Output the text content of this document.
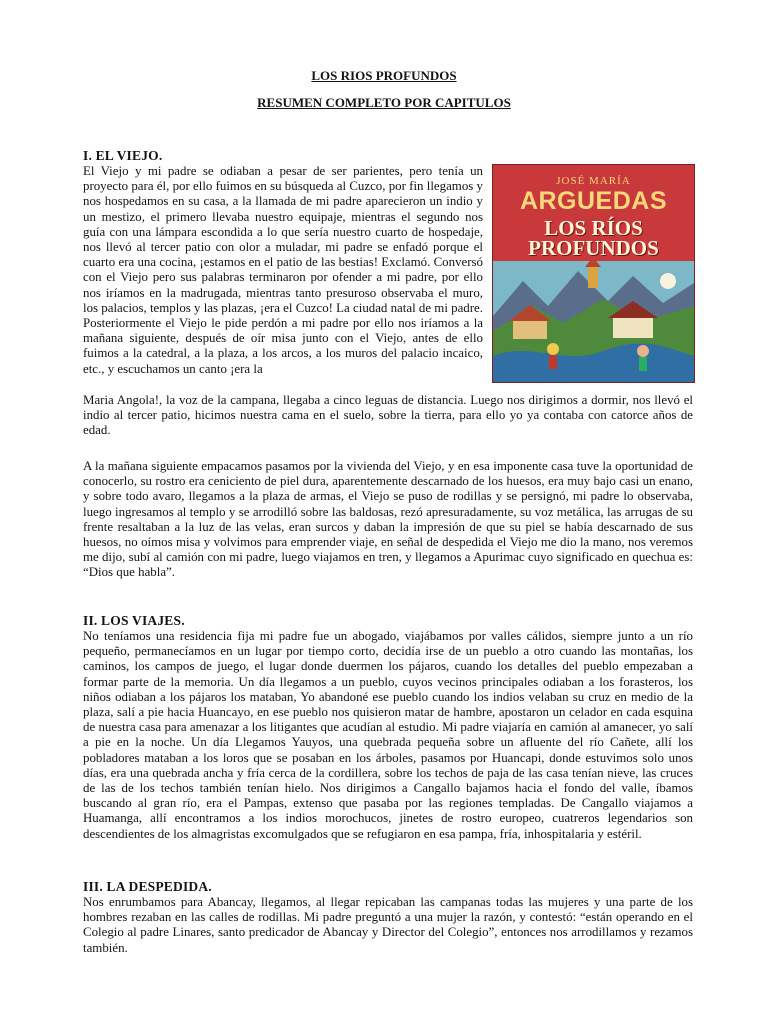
LOS RIOS PROFUNDOS
RESUMEN COMPLETO POR CAPITULOS
I. EL VIEJO.

El Viejo y mi padre se odiaban a pesar de ser parientes, pero tenía un proyecto para él, por ello fuimos en su búsqueda al Cuzco, por fin llegamos y nos hospedamos en su casa, a la llamada de mi padre aparecieron un indio y un mestizo, el primero llevaba nuestro equipaje, mientras el segundo nos guía con una lámpara escondida a lo que sería nuestro cuarto de hospedaje, nos llevó al tercer patio con olor a muladar, mi padre se enfadó porque el cuarto era una cocina, ¡estamos en el patio de las bestias! Exclamó. Conversó con el Viejo pero sus palabras terminaron por ofender a mi padre, por ello nos iríamos en la madrugada, mientras tanto presuroso observaba el muro, los palacios, templos y las plazas, ¡era el Cuzco! La ciudad natal de mi padre. Posteriormente el Viejo le pide perdón a mi padre por ello nos iríamos a la mañana siguiente, después de oír misa junto con el Viejo, antes de ello fuimos a la catedral, a la plaza, a los arcos, a los muros del palacio incaico, etc., y escuchamos un canto ¡era la

JOSÉ MARÍA
ARGUEDAS
LOS RÍOS
PROFUNDOS

Maria Angola!, la voz de la campana, llegaba a cinco leguas de distancia. Luego nos dirigimos a dormir, nos llevó el indio al tercer patio, hicimos nuestra cama en el suelo, sobre la tierra, para ello yo ya contaba con catorce años de edad.

A la mañana siguiente empacamos pasamos por la vivienda del Viejo, y en esa imponente casa tuve la oportunidad de conocerlo, su rostro era ceniciento de piel dura, aparentemente descarnado de los huesos, era muy bajo casi un enano, y sobre todo avaro, llegamos a la plaza de armas, el Viejo se puso de rodillas y se persignó, mi padre lo observaba, luego ingresamos al templo y se arrodilló sobre las baldosas, rezó apresuradamente, su voz metálica, las arrugas de su frente resaltaban a la luz de las velas, eran surcos y daban la impresión de que su piel se había descarnado de sus huesos, no oímos misa y volvimos para emprender viaje, en señal de despedida el Viejo me dio la mano, nos veremos me dijo, subí al camión con mi padre, luego viajamos en tren, y llegamos a Apurimac cuyo significado en quechua es: “Dios que habla”.

II. LOS VIAJES.

No teníamos una residencia fija mi padre fue un abogado, viajábamos por valles cálidos, siempre junto a un río pequeño, permanecíamos en un lugar por tiempo corto, decidía irse de un pueblo a otro cuando las montañas, los caminos, los campos de juego, el lugar donde duermen los pájaros, cuando los detalles del pueblo empezaban a formar parte de la memoria. Un día llegamos a un pueblo, cuyos vecinos principales odiaban a los forasteros, los niños odiaban a los pájaros los mataban, Yo abandoné ese pueblo cuando los indios velaban su cruz en medio de la plaza, salí a pie hacia Huancayo, en ese pueblo nos quisieron matar de hambre, apostaron un celador en cada esquina de nuestra casa para amenazar a los litigantes que acudían al estudio. Mi padre viajaría en camión al amanecer, yo salí a pie en la noche. Un día Llegamos Yauyos, una quebrada pequeña sobre un afluente del río Cañete, allí los pobladores mataban a los loros que se posaban en los árboles, pasamos por Huancapi, donde estuvimos solo unos días, era una quebrada ancha y fría cerca de la cordillera, sobre los techos de paja de las casa tenían nieve, las cruces de las de los techos también tenían hielo. Nos dirigimos a Cangallo bajamos hacia el fondo del valle, íbamos buscando al gran río, era el Pampas, extenso que pasaba por las regiones templadas. De Cangallo viajamos a Huamanga, allí encontramos a los indios morochucos, jinetes de rostro europeo, cuatreros legendarios son descendientes de los almagristas excomulgados que se refugiaron en esa pampa, fría, inhospitalaria y estéril.

III. LA DESPEDIDA.

Nos enrumbamos para Abancay, llegamos, al llegar repicaban las campanas todas las mujeres y una parte de los hombres rezaban en las calles de rodillas. Mi padre preguntó a una mujer la razón, y contestó: “están operando en el Colegio al padre Linares, santo predicador de Abancay y Director del Colegio”, entonces nos arrodillamos y rezamos también.
